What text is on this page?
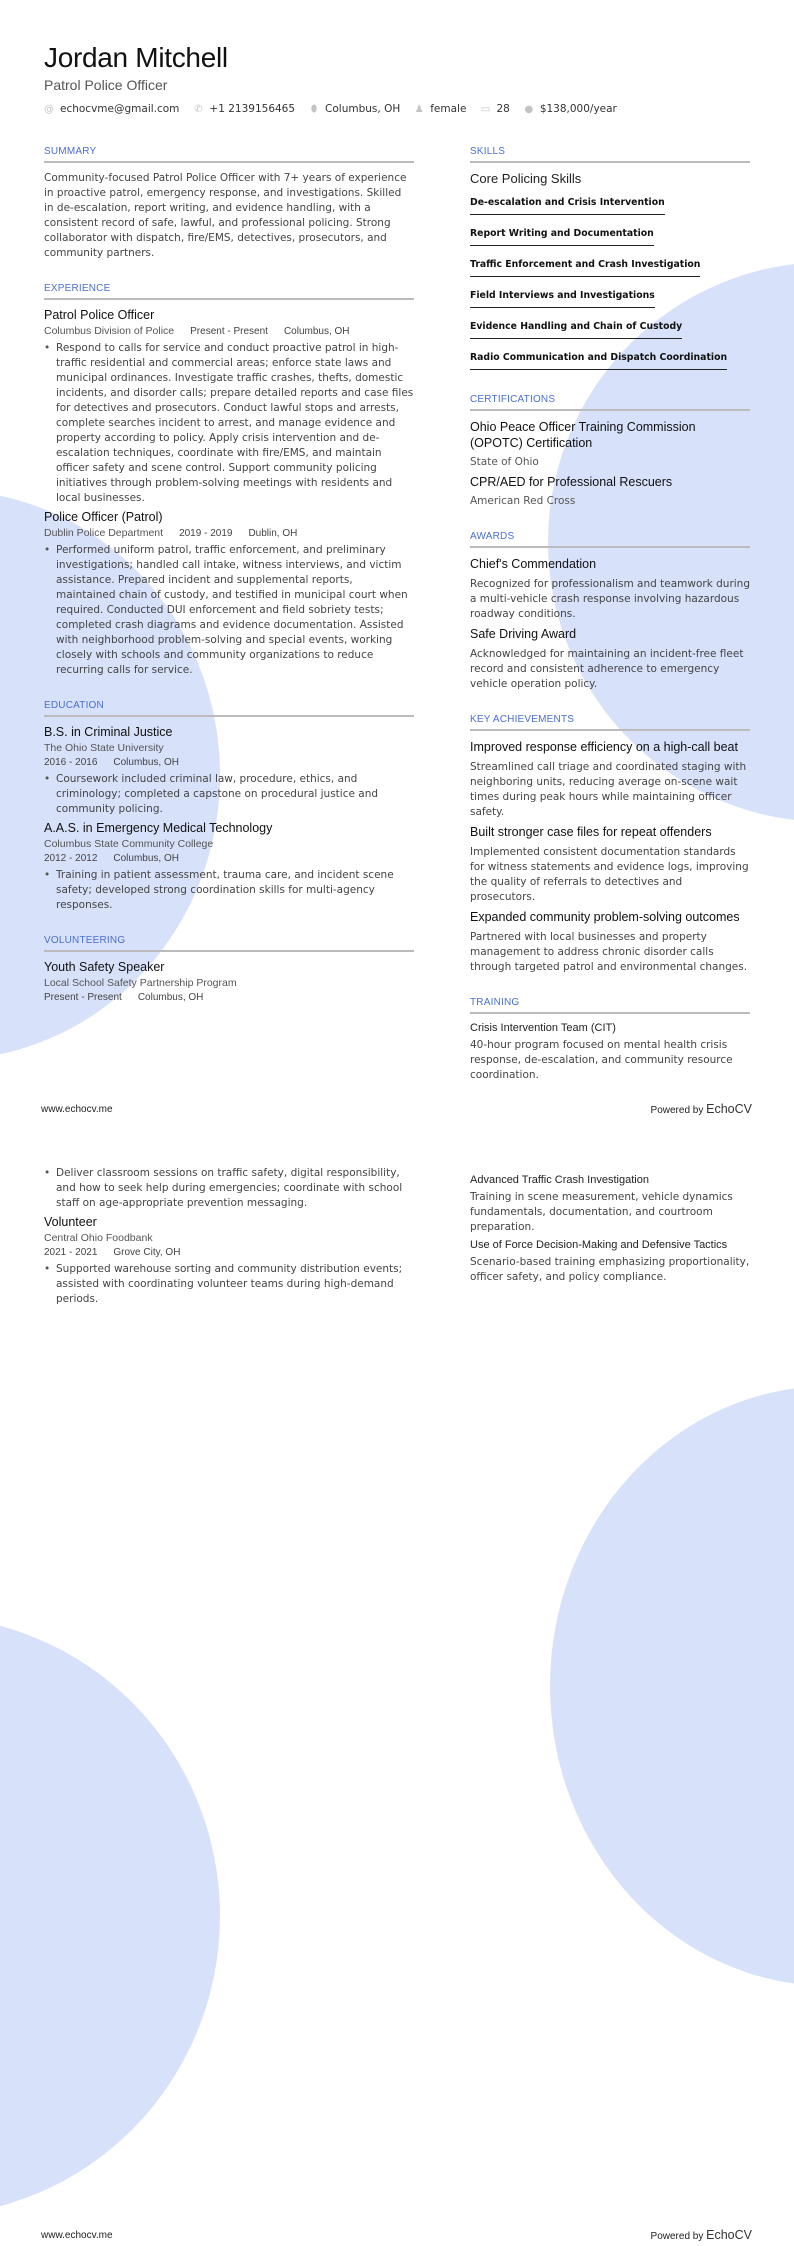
Jordan Mitchell
Patrol Police Officer
@ echocvme@gmail.com ✆ +1 2139156465 ⬮ Columbus, OH ♟ female ▭ 28 ● $138,000/year
SUMMARY

Community-focused Patrol Police Officer with 7+ years of experience in proactive patrol, emergency response, and investigations. Skilled in de-escalation, report writing, and evidence handling, with a consistent record of safe, lawful, and professional policing. Strong collaborator with dispatch, fire/EMS, detectives, prosecutors, and community partners.

EXPERIENCE
Patrol Police Officer
Columbus Division of Police Present - Present Columbus, OH
• Respond to calls for service and conduct proactive patrol in high-traffic residential and commercial areas; enforce state laws and municipal ordinances. Investigate traffic crashes, thefts, domestic incidents, and disorder calls; prepare detailed reports and case files for detectives and prosecutors. Conduct lawful stops and arrests, complete searches incident to arrest, and manage evidence and property according to policy. Apply crisis intervention and de-escalation techniques, coordinate with fire/EMS, and maintain officer safety and scene control. Support community policing initiatives through problem-solving meetings with residents and local businesses.
Police Officer (Patrol)
Dublin Police Department 2019 - 2019 Dublin, OH
• Performed uniform patrol, traffic enforcement, and preliminary investigations; handled call intake, witness interviews, and victim assistance. Prepared incident and supplemental reports, maintained chain of custody, and testified in municipal court when required. Conducted DUI enforcement and field sobriety tests; completed crash diagrams and evidence documentation. Assisted with neighborhood problem-solving and special events, working closely with schools and community organizations to reduce recurring calls for service.
EDUCATION
B.S. in Criminal Justice
The Ohio State University
2016 - 2016 Columbus, OH
• Coursework included criminal law, procedure, ethics, and criminology; completed a capstone on procedural justice and community policing.
A.A.S. in Emergency Medical Technology
Columbus State Community College
2012 - 2012 Columbus, OH
• Training in patient assessment, trauma care, and incident scene safety; developed strong coordination skills for multi-agency responses.
VOLUNTEERING
Youth Safety Speaker
Local School Safety Partnership Program
Present - Present Columbus, OH
SKILLS
Core Policing Skills
De-escalation and Crisis Intervention
Report Writing and Documentation
Traffic Enforcement and Crash Investigation
Field Interviews and Investigations
Evidence Handling and Chain of Custody
Radio Communication and Dispatch Coordination
CERTIFICATIONS
Ohio Peace Officer Training Commission (OPOTC) Certification
State of Ohio
CPR/AED for Professional Rescuers
American Red Cross
AWARDS
Chief's Commendation

Recognized for professionalism and teamwork during a multi-vehicle crash response involving hazardous roadway conditions.

Safe Driving Award

Acknowledged for maintaining an incident-free fleet record and consistent adherence to emergency vehicle operation policy.

KEY ACHIEVEMENTS
Improved response efficiency on a high-call beat

Streamlined call triage and coordinated staging with neighboring units, reducing average on-scene wait times during peak hours while maintaining officer safety.

Built stronger case files for repeat offenders

Implemented consistent documentation standards for witness statements and evidence logs, improving the quality of referrals to detectives and prosecutors.

Expanded community problem-solving outcomes

Partnered with local businesses and property management to address chronic disorder calls through targeted patrol and environmental changes.

TRAINING
Crisis Intervention Team (CIT)

40-hour program focused on mental health crisis response, de-escalation, and community resource coordination.

www.echocv.me	Powered by EchoCV
• Deliver classroom sessions on traffic safety, digital responsibility, and how to seek help during emergencies; coordinate with school staff on age-appropriate prevention messaging.
Volunteer
Central Ohio Foodbank
2021 - 2021 Grove City, OH
• Supported warehouse sorting and community distribution events; assisted with coordinating volunteer teams during high-demand periods.
Advanced Traffic Crash Investigation

Training in scene measurement, vehicle dynamics fundamentals, documentation, and courtroom preparation.

Use of Force Decision-Making and Defensive Tactics

Scenario-based training emphasizing proportionality, officer safety, and policy compliance.

www.echocv.me	Powered by EchoCV
